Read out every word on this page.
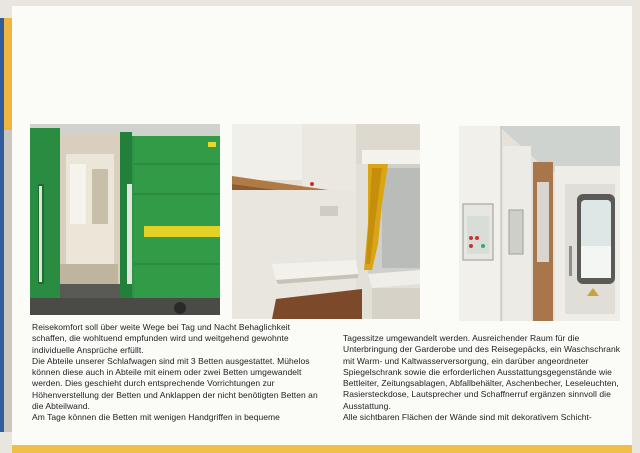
Reisekomfort soll über weite Wege bei Tag und Nacht Behaglichkeit schaffen, die wohltuend empfunden wird und weitgehend gewohnte individuelle Ansprüche erfüllt.

Die Abteile unserer Schlafwagen sind mit 3 Betten ausgestattet. Mühelos können diese auch in Abteile mit einem oder zwei Betten umgewandelt werden. Dies geschieht durch entsprechende Vorrichtungen zur Höhenverstellung der Betten und Anklappen der nicht benötigten Betten an die Abteilwand.

Am Tage können die Betten mit wenigen Handgriffen in bequeme

Tagessitze umgewandelt werden. Ausreichender Raum für die Unterbringung der Garderobe und des Reisegepäcks, ein Waschschrank mit Warm- und Kaltwasserversorgung, ein darüber angeordneter Spiegelschrank sowie die erforderlichen Ausstattungsgegenstände wie Bettleiter, Zeitungsablagen, Abfallbehälter, Aschenbecher, Leseleuchten, Rasiersteckdose, Lautsprecher und Schaffnerruf ergänzen sinnvoll die Ausstattung.

Alle sichtbaren Flächen der Wände sind mit dekorativem Schicht-
